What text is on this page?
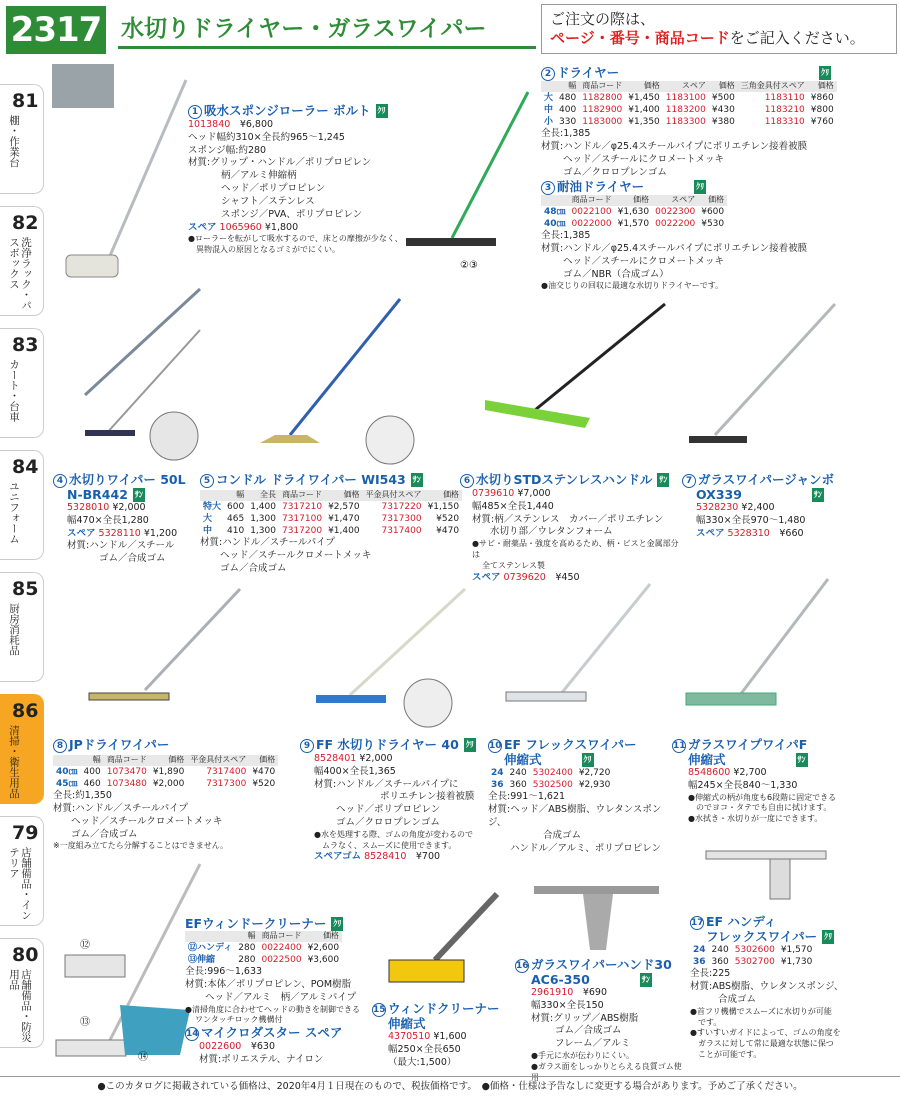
2317 水切りドライヤー・ガラスワイパー	ご注文の際は、
ページ・番号・商品コードをご記入ください。
81
棚・作業台
82
洗浄ラック・パスボックス
83
カート・台車
84
ユニフォーム
85
厨房消耗品
86
清掃・衛生用品
79
店舗備品・インテリア
80
店舗備品・防災用品
②③
⑫
⑬
⑭
1 吸水スポンジローラー ボルト ｸﾘ
1013840　 ¥6,800
ヘッド幅約310×全長約965～1,245
スポンジ幅:約280
材質:グリップ・ハンドル／ポリプロピレン
柄／アルミ伸縮柄
ヘッド／ポリプロピレン
シャフト／ステンレス
スポンジ／PVA、ポリプロピレン
スペア 1065960 ¥1,800
●ローラーを転がして吸水するので、床との摩擦が少なく、
異物混入の原因となるゴミがでにくい。
2 ドライヤー	ｸﾘ
	幅	商品コード	価格	スペア	価格	三角金具付スペア	価格
大	480	1182800	¥1,450	1183100	¥500	1183110	¥860
中	400	1182900	¥1,400	1183200	¥430	1183210	¥800
小	330	1183000	¥1,350	1183300	¥380	1183310	¥760
全長:1,385
材質:ハンドル／φ25.4スチールパイプにポリエチレン接着被膜
ヘッド／スチールにクロメートメッキ
ゴム／クロロプレンゴム
3 耐油ドライヤー	ｸﾘ
	商品コード	価格	スペア	価格
48㎝	0022100	¥1,630	0022300	¥600
40㎝	0022000	¥1,570	0022200	¥530
全長:1,385
材質:ハンドル／φ25.4スチールパイプにポリエチレン接着被膜
ヘッド／スチールにクロメートメッキ
ゴム／NBR（合成ゴム）
●油交じりの回収に最適な水切りドライヤーです。
4 水切りワイパー 50L
N-BR442 ｻﾝ
5328010 ¥2,000
幅470×全長1,280
スペア 5328110 ¥1,200
材質:ハンドル／スチール
ゴム／合成ゴム
5 コンドル ドライワイパー WI543 ｻﾝ
	幅	全長	商品コード	価格	平金具付スペア	価格
特大	600	1,400	7317210	¥2,570	7317220	¥1,150
大	465	1,300	7317100	¥1,470	7317300	¥520
中	410	1,300	7317200	¥1,400	7317400	¥470
材質:ハンドル／スチールパイプ
ヘッド／スチールクロメートメッキ
ゴム／合成ゴム
6 水切りSTDステンレスハンドル ｻﾝ
0739610 ¥7,000
幅485×全長1,440
材質:柄／ステンレス　カバー／ポリエチレン
水切り部／ウレタンフォーム
●サビ・耐薬品・強度を高めるため、柄・ビスと金属部分は
全てステンレス製
スペア 0739620　 ¥450
7 ガラスワイパージャンボ
OX339	ｻﾝ
5328230 ¥2,400
幅330×全長970～1,480
スペア 5328310　 ¥660
8 JPドライワイパー
	幅	商品コード	価格	平金具付スペア	価格
40㎝	400	1073470	¥1,890	7317400	¥470
45㎝	460	1073480	¥2,000	7317300	¥520
全長:約1,350
材質:ハンドル／スチールパイプ
ヘッド／スチールクロメートメッキ
ゴム／合成ゴム
※一度組み立てたら分解することはできません。
9 FF 水切りドライヤー 40 ｸﾘ
8528401 ¥2,000
幅400×全長1,365
材質:ハンドル／スチールパイプに
ポリエチレン接着被膜
ヘッド／ポリプロピレン
ゴム／クロロプレンゴム
●水を処理する際、ゴムの角度が変わるので
ムラなく、スムーズに使用できます。
スペアゴム 8528410　 ¥700
10 EF フレックスワイパー
伸縮式	ｸﾘ
24	240	5302400	¥2,720
36	360	5302500	¥2,930
全長:991～1,621
材質:ヘッド／ABS樹脂、ウレタンスポンジ、
合成ゴム
ハンドル／アルミ、ポリプロピレン
11 ガラスワイプワイパF
伸縮式	ｻﾝ
8548600 ¥2,700
幅245×全長840～1,330
●伸縮式の柄が角度も6段階に固定できる
のでヨコ・タテでも自由に拭けます。
●水拭き・水切りが一度にできます。
EFウィンドークリーナー ｸﾘ
	幅	商品コード	価格
⑫ハンディ	280	0022400	¥2,600
⑬伸縮	280	0022500	¥3,600
全長:996～1,633
材質:本体／ポリプロピレン、POM樹脂
ヘッド／アルミ　柄／アルミパイプ
●清掃角度に合わせてヘッドの動きを制御できる
ワンタッチロック機構付
14 マイクロダスター スペア
0022600　 ¥630
材質:ポリエステル、ナイロン
15 ウィンドクリーナー
伸縮式
4370510 ¥1,600
幅250×全長650
（最大:1,500）
16 ガラスワイパーハンド30
AC6-350	ｻﾝ
2961910　 ¥690
幅330×全長150
材質:グリップ／ABS樹脂
ゴム／合成ゴム
フレーム／アルミ
●手元に水が伝わりにくい。
●ガラス面をしっかりとらえる良質ゴム使用
17 EF ハンディ
フレックスワイパー ｸﾘ
24	240	5302600	¥1,570
36	360	5302700	¥1,730
全長:225
材質:ABS樹脂、ウレタンスポンジ、
合成ゴム
●首フリ機構でスムーズに水切りが可能
です。
●すいすいガイドによって、ゴムの角度を
ガラスに対して常に最適な状態に保つ
ことが可能です。
●このカタログに掲載されている価格は、2020年4月１日現在のもので、税抜価格です。　●価格・仕様は予告なしに変更する場合があります。予めご了承ください。
